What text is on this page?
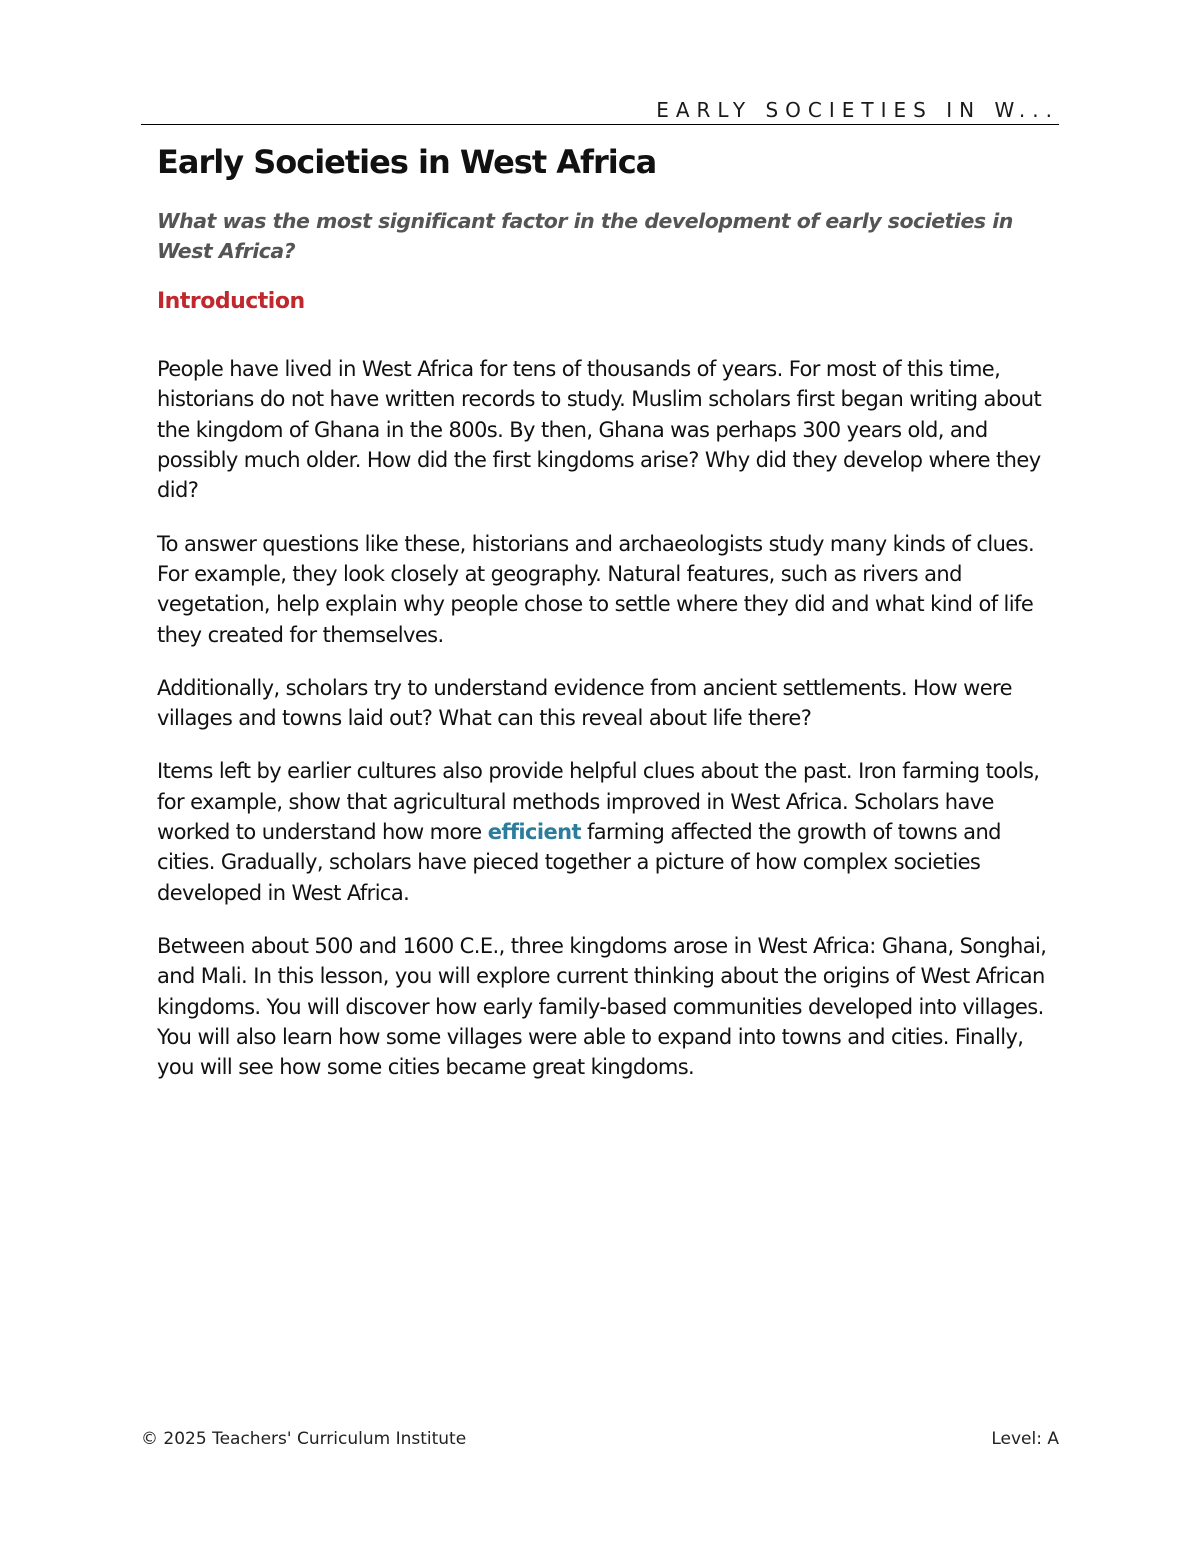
EARLY SOCIETIES IN W...
Early Societies in West Africa

What was the most significant factor in the development of early societies in West Africa?

Introduction

People have lived in West Africa for tens of thousands of years. For most of this time, historians do not have written records to study. Muslim scholars first began writing about the kingdom of Ghana in the 800s. By then, Ghana was perhaps 300 years old, and possibly much older. How did the first kingdoms arise? Why did they develop where they did?

To answer questions like these, historians and archaeologists study many kinds of clues. For example, they look closely at geography. Natural features, such as rivers and vegetation, help explain why people chose to settle where they did and what kind of life they created for themselves.

Additionally, scholars try to understand evidence from ancient settlements. How were villages and towns laid out? What can this reveal about life there?

Items left by earlier cultures also provide helpful clues about the past. Iron farming tools, for example, show that agricultural methods improved in West Africa. Scholars have worked to understand how more efficient farming affected the growth of towns and cities. Gradually, scholars have pieced together a picture of how complex societies developed in West Africa.

Between about 500 and 1600 C.E., three kingdoms arose in West Africa: Ghana, Songhai, and Mali. In this lesson, you will explore current thinking about the origins of West African kingdoms. You will discover how early family-based communities developed into villages. You will also learn how some villages were able to expand into towns and cities. Finally, you will see how some cities became great kingdoms.

© 2025 Teachers' Curriculum Institute	Level: A
